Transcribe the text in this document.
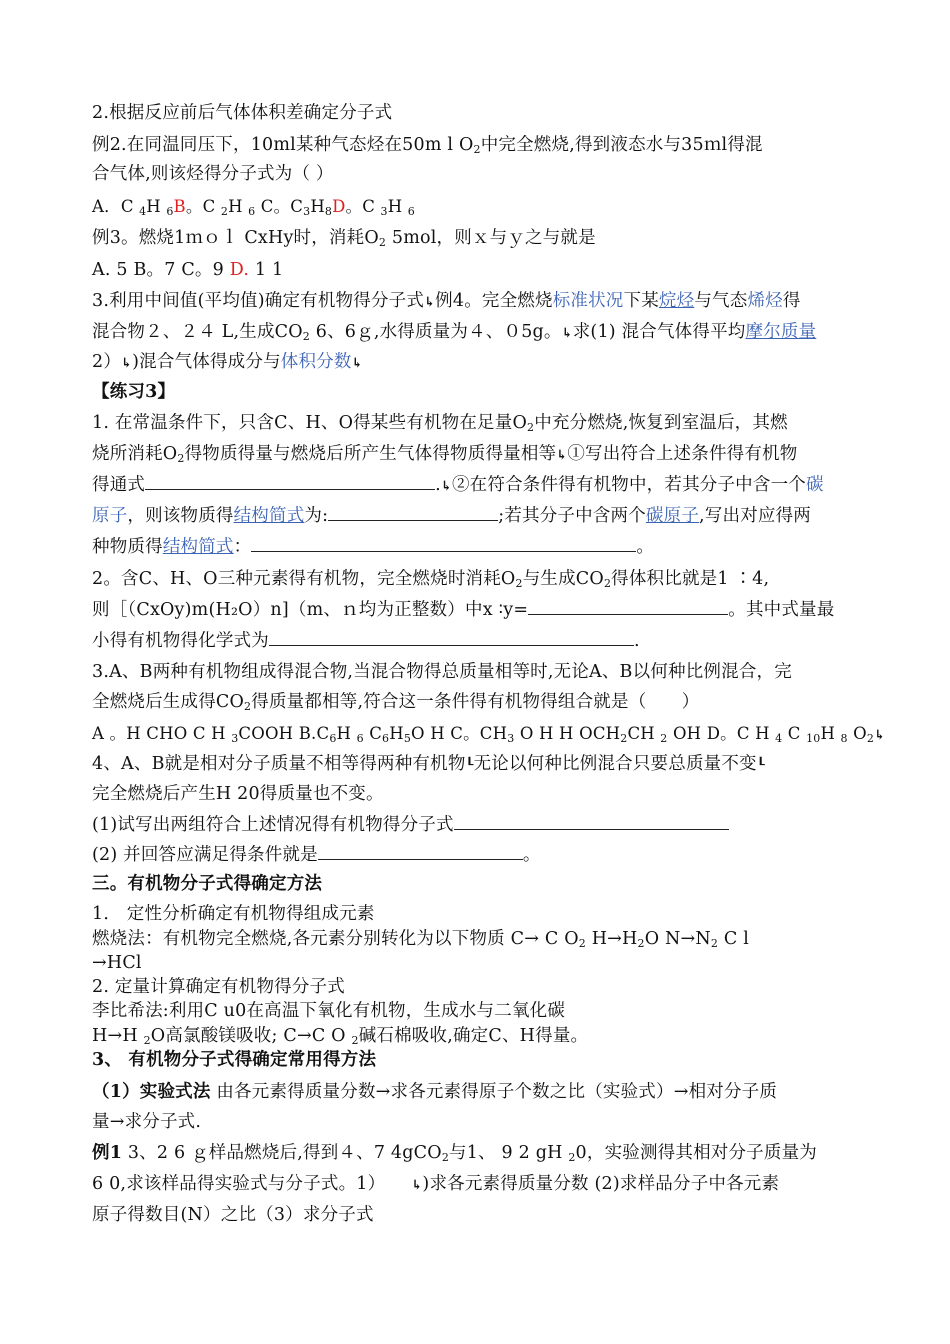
2.根据反应前后气体体积差确定分子式
例2.在同温同压下，10ml某种气态烃在50m l $O_2$中完全燃烧,得到液态水与35ｍl得混
合气体,则该烃得分子式为（ ）
A．C $_4$H $_6$B。C $_2$H $_6$ C。$C_3H_8D$。C $_3$H $_6$
例3。燃烧1ｍｏｌ CxHy时，消耗$O_2$ 5mol，则ｘ与ｙ之与就是
A. 5 B。7 C。9 D. 1 1
3.利用中间值(平均值)确定有机物得分子式↳例4。完全燃烧标准状况下某烷烃与气态烯烃得
混合物２、２４ L,生成$CO_2$ 6、6ｇ,水得质量为４、０5g。↳求(1) 混合气体得平均摩尔质量
2）↳)混合气体得成分与体积分数↳
【练习3】
1. 在常温条件下，只含C、H、O得某些有机物在足量$O_2$中充分燃烧,恢复到室温后，其燃
烧所消耗$O_2$得物质得量与燃烧后所产生气体得物质得量相等↳①写出符合上述条件得有机物
得通式	.↳②在符合条件得有机物中，若其分子中含一个碳
原子，则该物质得结构简式为:	;若其分子中含两个碳原子,写出对应得两
种物质得结构简式：	。
2。含C、H、O三种元素得有机物，完全燃烧时消耗$O_2$与生成$CO_2$得体积比就是1 ∶4,
则［（CxOy)m(H₂O）n]（m、ｎ均为正整数）中x ∶y=	。其中式量最
小得有机物得化学式为	.
3.A、B两种有机物组成得混合物,当混合物得总质量相等时,无论A、B以何种比例混合，完
全燃烧后生成得$CO_2$得质量都相等,符合这一条件得有机物得组合就是（　　）
A 。H CHO C H $_3$COOH $B.C_6H$ $_6$ $C_6H_5O$ H C。$CH_3$ O H H $OCH_2CH$ $_2$ OH D。C H $_4$ C $_{10}$H $_8$ $O_2↳$
4、A、B就是相对分子质量不相等得两种有机物┖无论以何种比例混合只要总质量不变┖
完全燃烧后产生H 20得质量也不变。
(1)试写出两组符合上述情况得有机物得分子式
(2) 并回答应满足得条件就是	。
三。有机物分子式得确定方法
1． 定性分析确定有机物得组成元素
燃烧法：有机物完全燃烧,各元素分别转化为以下物质 C→ C $O_2$ $H\to H_2O$ $N\to N_2$ C l
→HCl
2. 定量计算确定有机物得分子式
李比希法:利用C u0在高温下氧化有机物，生成水与二氧化碳
H→H $_2$O高氯酸镁吸收; C→C O $_2$碱石棉吸收,确定C、H得量。
3、 有机物分子式得确定常用得方法
（1）实验式法 由各元素得质量分数→求各元素得原子个数之比（实验式）→相对分子质
量→求分子式.
例1 3、2 6 ｇ样品燃烧后,得到４、7 4gCO$_2$与1、 9 2 gH $_2$0，实验测得其相对分子质量为
6 0,求该样品得实验式与分子式。1） ↳)求各元素得质量分数 (2)求样品分子中各元素
原子得数目(N）之比（3）求分子式
